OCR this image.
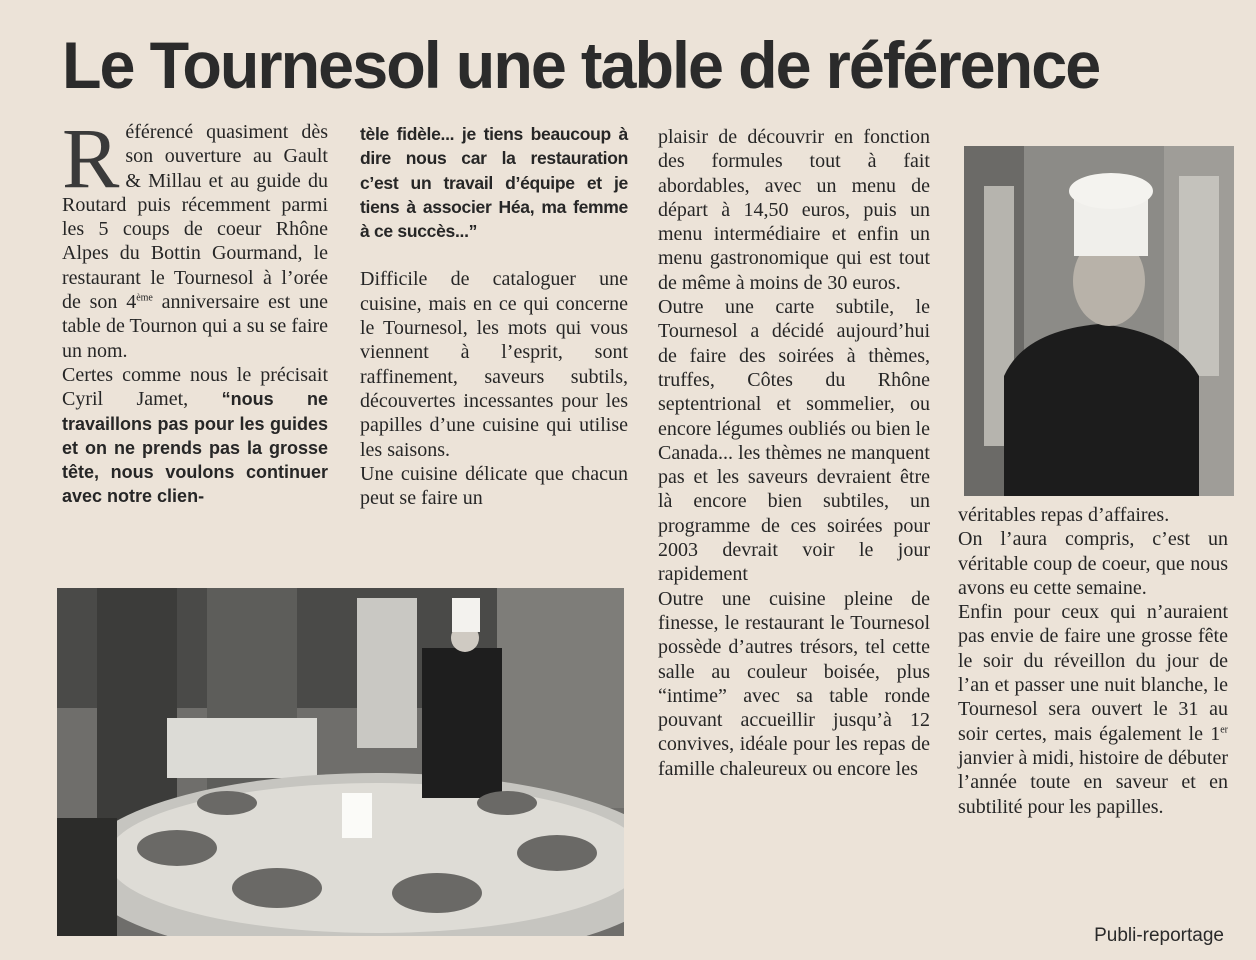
Le Tournesol une table de référence

Référencé quasiment dès son ouverture au Gault & Millau et au guide du Routard puis récemment parmi les 5 coups de coeur Rhône Alpes du Bottin Gourmand, le restaurant le Tournesol à l’orée de son 4ème anniversaire est une table de Tournon qui a su se faire un nom.

Certes comme nous le précisait Cyril Jamet, “nous ne travaillons pas pour les guides et on ne prends pas la grosse tête, nous voulons continuer avec notre clien-

tèle fidèle... je tiens beaucoup à dire nous car la restauration c’est un travail d’équipe et je tiens à associer Héa, ma femme à ce succès...”

Difficile de cataloguer une cuisine, mais en ce qui concerne le Tournesol, les mots qui vous viennent à l’esprit, sont raffinement, saveurs subtils, découvertes incessantes pour les papilles d’une cuisine qui utilise les saisons.

Une cuisine délicate que chacun peut se faire un

plaisir de découvrir en fonction des formules tout à fait abordables, avec un menu de départ à 14,50 euros, puis un menu intermédiaire et enfin un menu gastronomique qui est tout de même à moins de 30 euros.

Outre une carte subtile, le Tournesol a décidé aujourd’hui de faire des soirées à thèmes, truffes, Côtes du Rhône septentrional et sommelier, ou encore légumes oubliés ou bien le Canada... les thèmes ne manquent pas et les saveurs devraient être là encore bien subtiles, un programme de ces soirées pour 2003 devrait voir le jour rapidement

Outre une cuisine pleine de finesse, le restaurant le Tournesol possède d’autres trésors, tel cette salle au couleur boisée, plus “intime” avec sa table ronde pouvant accueillir jusqu’à 12 convives, idéale pour les repas de famille chaleureux ou encore les

véritables repas d’affaires.

On l’aura compris, c’est un véritable coup de coeur, que nous avons eu cette semaine.

Enfin pour ceux qui n’auraient pas envie de faire une grosse fête le soir du réveillon du jour de l’an et passer une nuit blanche, le Tournesol sera ouvert le 31 au soir certes, mais également le 1er janvier à midi, histoire de débuter l’année toute en saveur et en subtilité pour les papilles.

Publi-reportage
